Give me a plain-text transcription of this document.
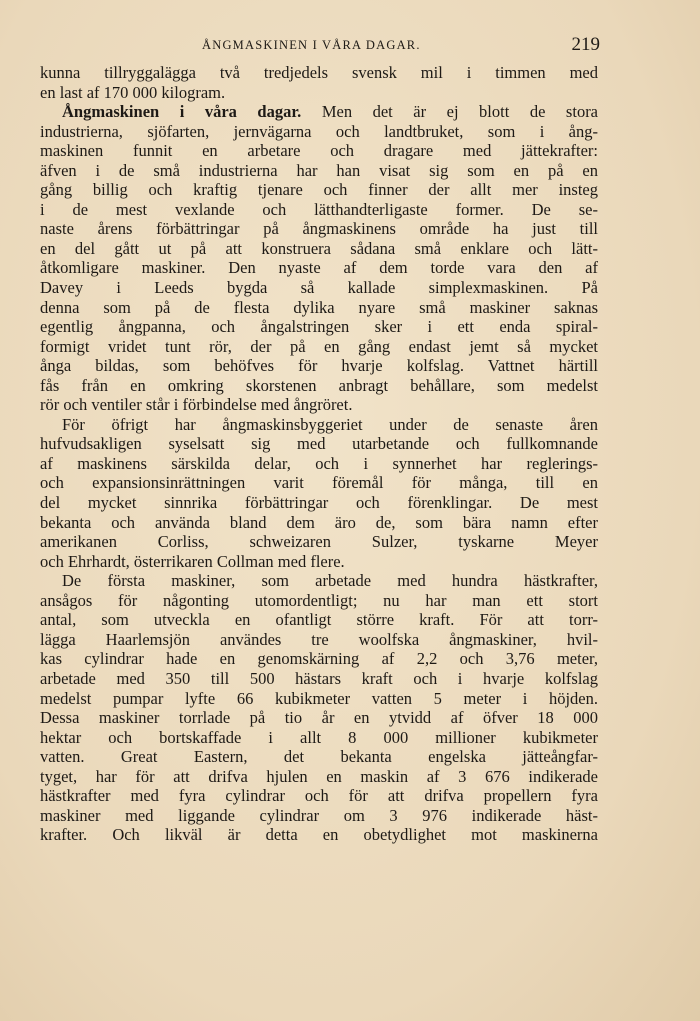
ÅNGMASKINEN I VÅRA DAGAR.	219
kunna tillryggalägga två tredjedels svensk mil i timmen med
en last af 170 000 kilogram.
Ångmaskinen i våra dagar. Men det är ej blott de stora
industrierna, sjöfarten, jernvägarna och landtbruket, som i ång-
maskinen funnit en arbetare och dragare med jättekrafter:
äfven i de små industrierna har han visat sig som en på en
gång billig och kraftig tjenare och finner der allt mer insteg
i de mest vexlande och lätthandterligaste former. De se-
naste årens förbättringar på ångmaskinens område ha just till
en del gått ut på att konstruera sådana små enklare och lätt-
åtkomligare maskiner. Den nyaste af dem torde vara den af
Davey i Leeds bygda så kallade simplexmaskinen. På
denna som på de flesta dylika nyare små maskiner saknas
egentlig ångpanna, och ångalstringen sker i ett enda spiral-
formigt vridet tunt rör, der på en gång endast jemt så mycket
ånga bildas, som behöfves för hvarje kolfslag. Vattnet härtill
fås från en omkring skorstenen anbragt behållare, som medelst
rör och ventiler står i förbindelse med ångröret.
För öfrigt har ångmaskinsbyggeriet under de senaste åren
hufvudsakligen syselsatt sig med utarbetande och fullkomnande
af maskinens särskilda delar, och i synnerhet har reglerings-
och expansionsinrättningen varit föremål för många, till en
del mycket sinnrika förbättringar och förenklingar. De mest
bekanta och använda bland dem äro de, som bära namn efter
amerikanen Corliss, schweizaren Sulzer, tyskarne Meyer
och Ehrhardt, österrikaren Collman med flere.
De första maskiner, som arbetade med hundra hästkrafter,
ansågos för någonting utomordentligt; nu har man ett stort
antal, som utveckla en ofantligt större kraft. För att torr-
lägga Haarlemsjön användes tre woolfska ångmaskiner, hvil-
kas cylindrar hade en genomskärning af 2,2 och 3,76 meter,
arbetade med 350 till 500 hästars kraft och i hvarje kolfslag
medelst pumpar lyfte 66 kubikmeter vatten 5 meter i höjden.
Dessa maskiner torrlade på tio år en ytvidd af öfver 18 000
hektar och bortskaffade i allt 8 000 millioner kubikmeter
vatten. Great Eastern, det bekanta engelska jätteångfar-
tyget, har för att drifva hjulen en maskin af 3 676 indikerade
hästkrafter med fyra cylindrar och för att drifva propellern fyra
maskiner med liggande cylindrar om 3 976 indikerade häst-
krafter. Och likväl är detta en obetydlighet mot maskinerna
